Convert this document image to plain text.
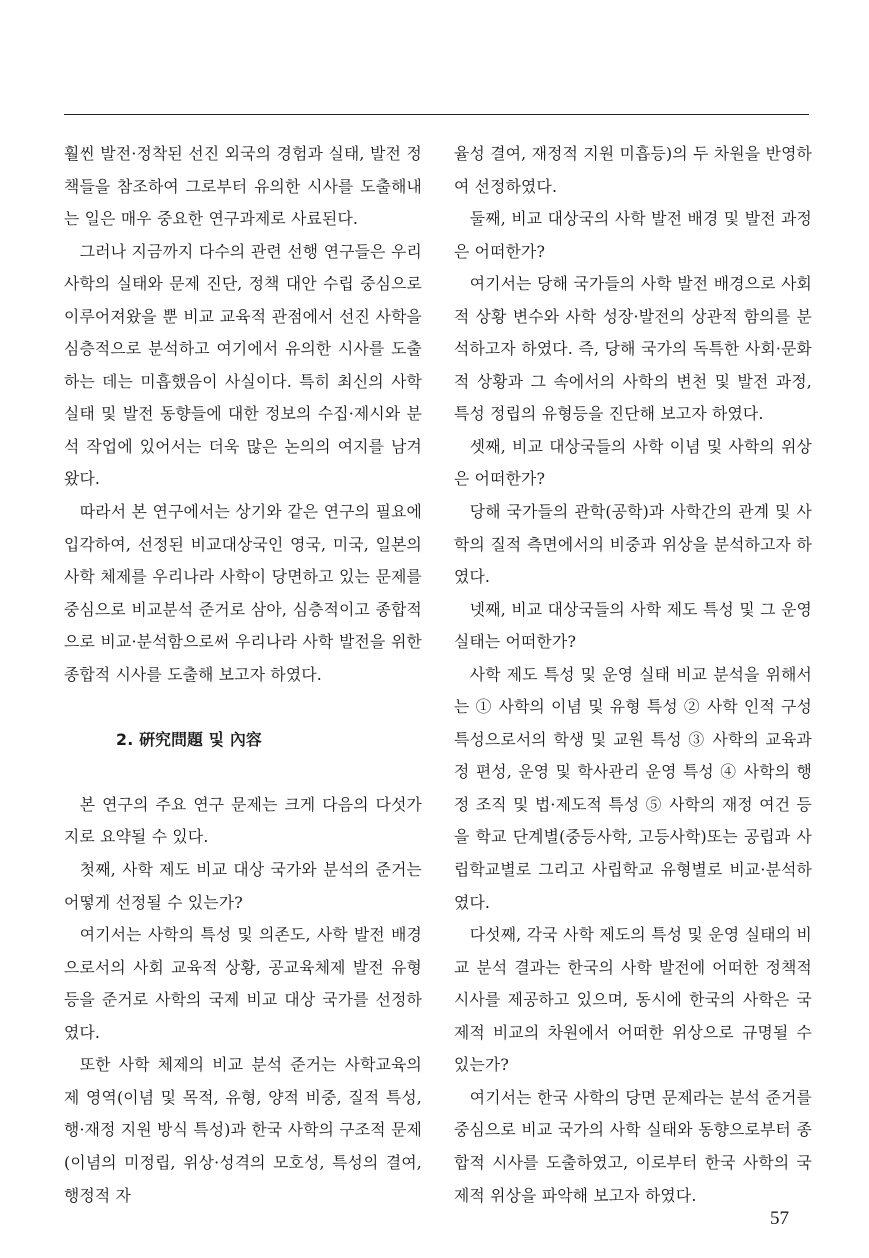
훨씬 발전·정착된 선진 외국의 경험과 실태, 발전 정책들을 참조하여 그로부터 유의한 시사를 도출해내는 일은 매우 중요한 연구과제로 사료된다.

그러나 지금까지 다수의 관련 선행 연구들은 우리 사학의 실태와 문제 진단, 정책 대안 수립 중심으로 이루어져왔을 뿐 비교 교육적 관점에서 선진 사학을 심층적으로 분석하고 여기에서 유의한 시사를 도출하는 데는 미흡했음이 사실이다. 특히 최신의 사학 실태 및 발전 동향들에 대한 정보의 수집·제시와 분석 작업에 있어서는 더욱 많은 논의의 여지를 남겨왔다.

따라서 본 연구에서는 상기와 같은 연구의 필요에 입각하여, 선정된 비교대상국인 영국, 미국, 일본의 사학 체제를 우리나라 사학이 당면하고 있는 문제를 중심으로 비교분석 준거로 삼아, 심층적이고 종합적으로 비교·분석함으로써 우리나라 사학 발전을 위한 종합적 시사를 도출해 보고자 하였다.

2. 硏究問題 및 內容

본 연구의 주요 연구 문제는 크게 다음의 다섯가지로 요약될 수 있다.

첫째, 사학 제도 비교 대상 국가와 분석의 준거는 어떻게 선정될 수 있는가?

여기서는 사학의 특성 및 의존도, 사학 발전 배경으로서의 사회 교육적 상황, 공교육체제 발전 유형 등을 준거로 사학의 국제 비교 대상 국가를 선정하였다.

또한 사학 체제의 비교 분석 준거는 사학교육의 제 영역(이념 및 목적, 유형, 양적 비중, 질적 특성, 행·재정 지원 방식 특성)과 한국 사학의 구조적 문제(이념의 미정립, 위상·성격의 모호성, 특성의 결여, 행정적 자

율성 결여, 재정적 지원 미흡등)의 두 차원을 반영하여 선정하였다.

둘째, 비교 대상국의 사학 발전 배경 및 발전 과정은 어떠한가?

여기서는 당해 국가들의 사학 발전 배경으로 사회적 상황 변수와 사학 성장·발전의 상관적 함의를 분석하고자 하였다. 즉, 당해 국가의 독특한 사회·문화적 상황과 그 속에서의 사학의 변천 및 발전 과정, 특성 정립의 유형등을 진단해 보고자 하였다.

셋째, 비교 대상국들의 사학 이념 및 사학의 위상은 어떠한가?

당해 국가들의 관학(공학)과 사학간의 관계 및 사학의 질적 측면에서의 비중과 위상을 분석하고자 하였다.

넷째, 비교 대상국들의 사학 제도 특성 및 그 운영실태는 어떠한가?

사학 제도 특성 및 운영 실태 비교 분석을 위해서는 ① 사학의 이념 및 유형 특성 ② 사학 인적 구성 특성으로서의 학생 및 교원 특성 ③ 사학의 교육과정 편성, 운영 및 학사관리 운영 특성 ④ 사학의 행정 조직 및 법·제도적 특성 ⑤ 사학의 재정 여건 등을 학교 단계별(중등사학, 고등사학)또는 공립과 사립학교별로 그리고 사립학교 유형별로 비교·분석하였다.

다섯째, 각국 사학 제도의 특성 및 운영 실태의 비교 분석 결과는 한국의 사학 발전에 어떠한 정책적 시사를 제공하고 있으며, 동시에 한국의 사학은 국제적 비교의 차원에서 어떠한 위상으로 규명될 수 있는가?

여기서는 한국 사학의 당면 문제라는 분석 준거를 중심으로 비교 국가의 사학 실태와 동향으로부터 종합적 시사를 도출하였고, 이로부터 한국 사학의 국제적 위상을 파악해 보고자 하였다.

57
